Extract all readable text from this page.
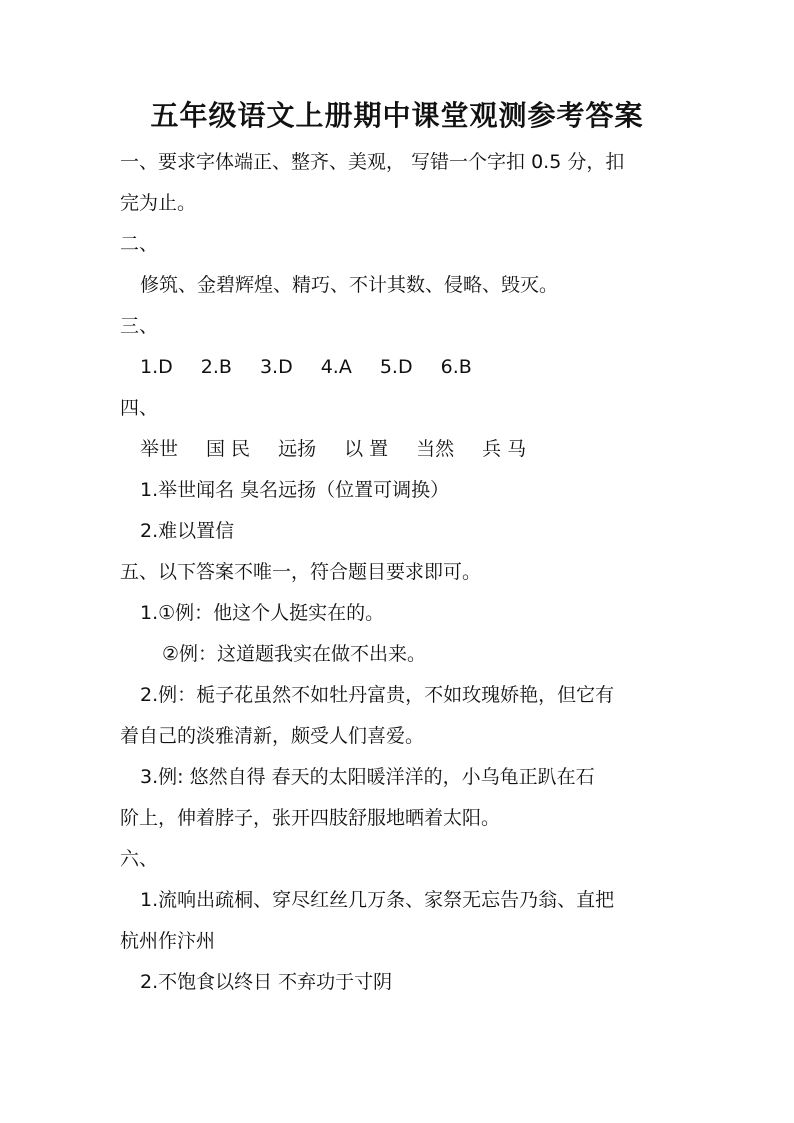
五年级语文上册期中课堂观测参考答案
一、要求字体端正、整齐、美观， 写错一个字扣 0.5 分，扣
完为止。
二、
修筑、金碧辉煌、精巧、不计其数、侵略、毁灭。
三、
1.D 2.B 3.D 4.A 5.D 6.B
四、
举世 国 民 远扬 以 置 当然 兵 马
1.举世闻名 臭名远扬（位置可调换）
2.难以置信
五、以下答案不唯一，符合题目要求即可。
1.①例：他这个人挺实在的。
②例：这道题我实在做不出来。
2.例：栀子花虽然不如牡丹富贵，不如玫瑰娇艳，但它有
着自己的淡雅清新，颇受人们喜爱。
3.例: 悠然自得 春天的太阳暖洋洋的，小乌龟正趴在石
阶上，伸着脖子，张开四肢舒服地晒着太阳。
六、
1.流响出疏桐、穿尽红丝几万条、家祭无忘告乃翁、直把
杭州作汴州
2.不饱食以终日 不弃功于寸阴
